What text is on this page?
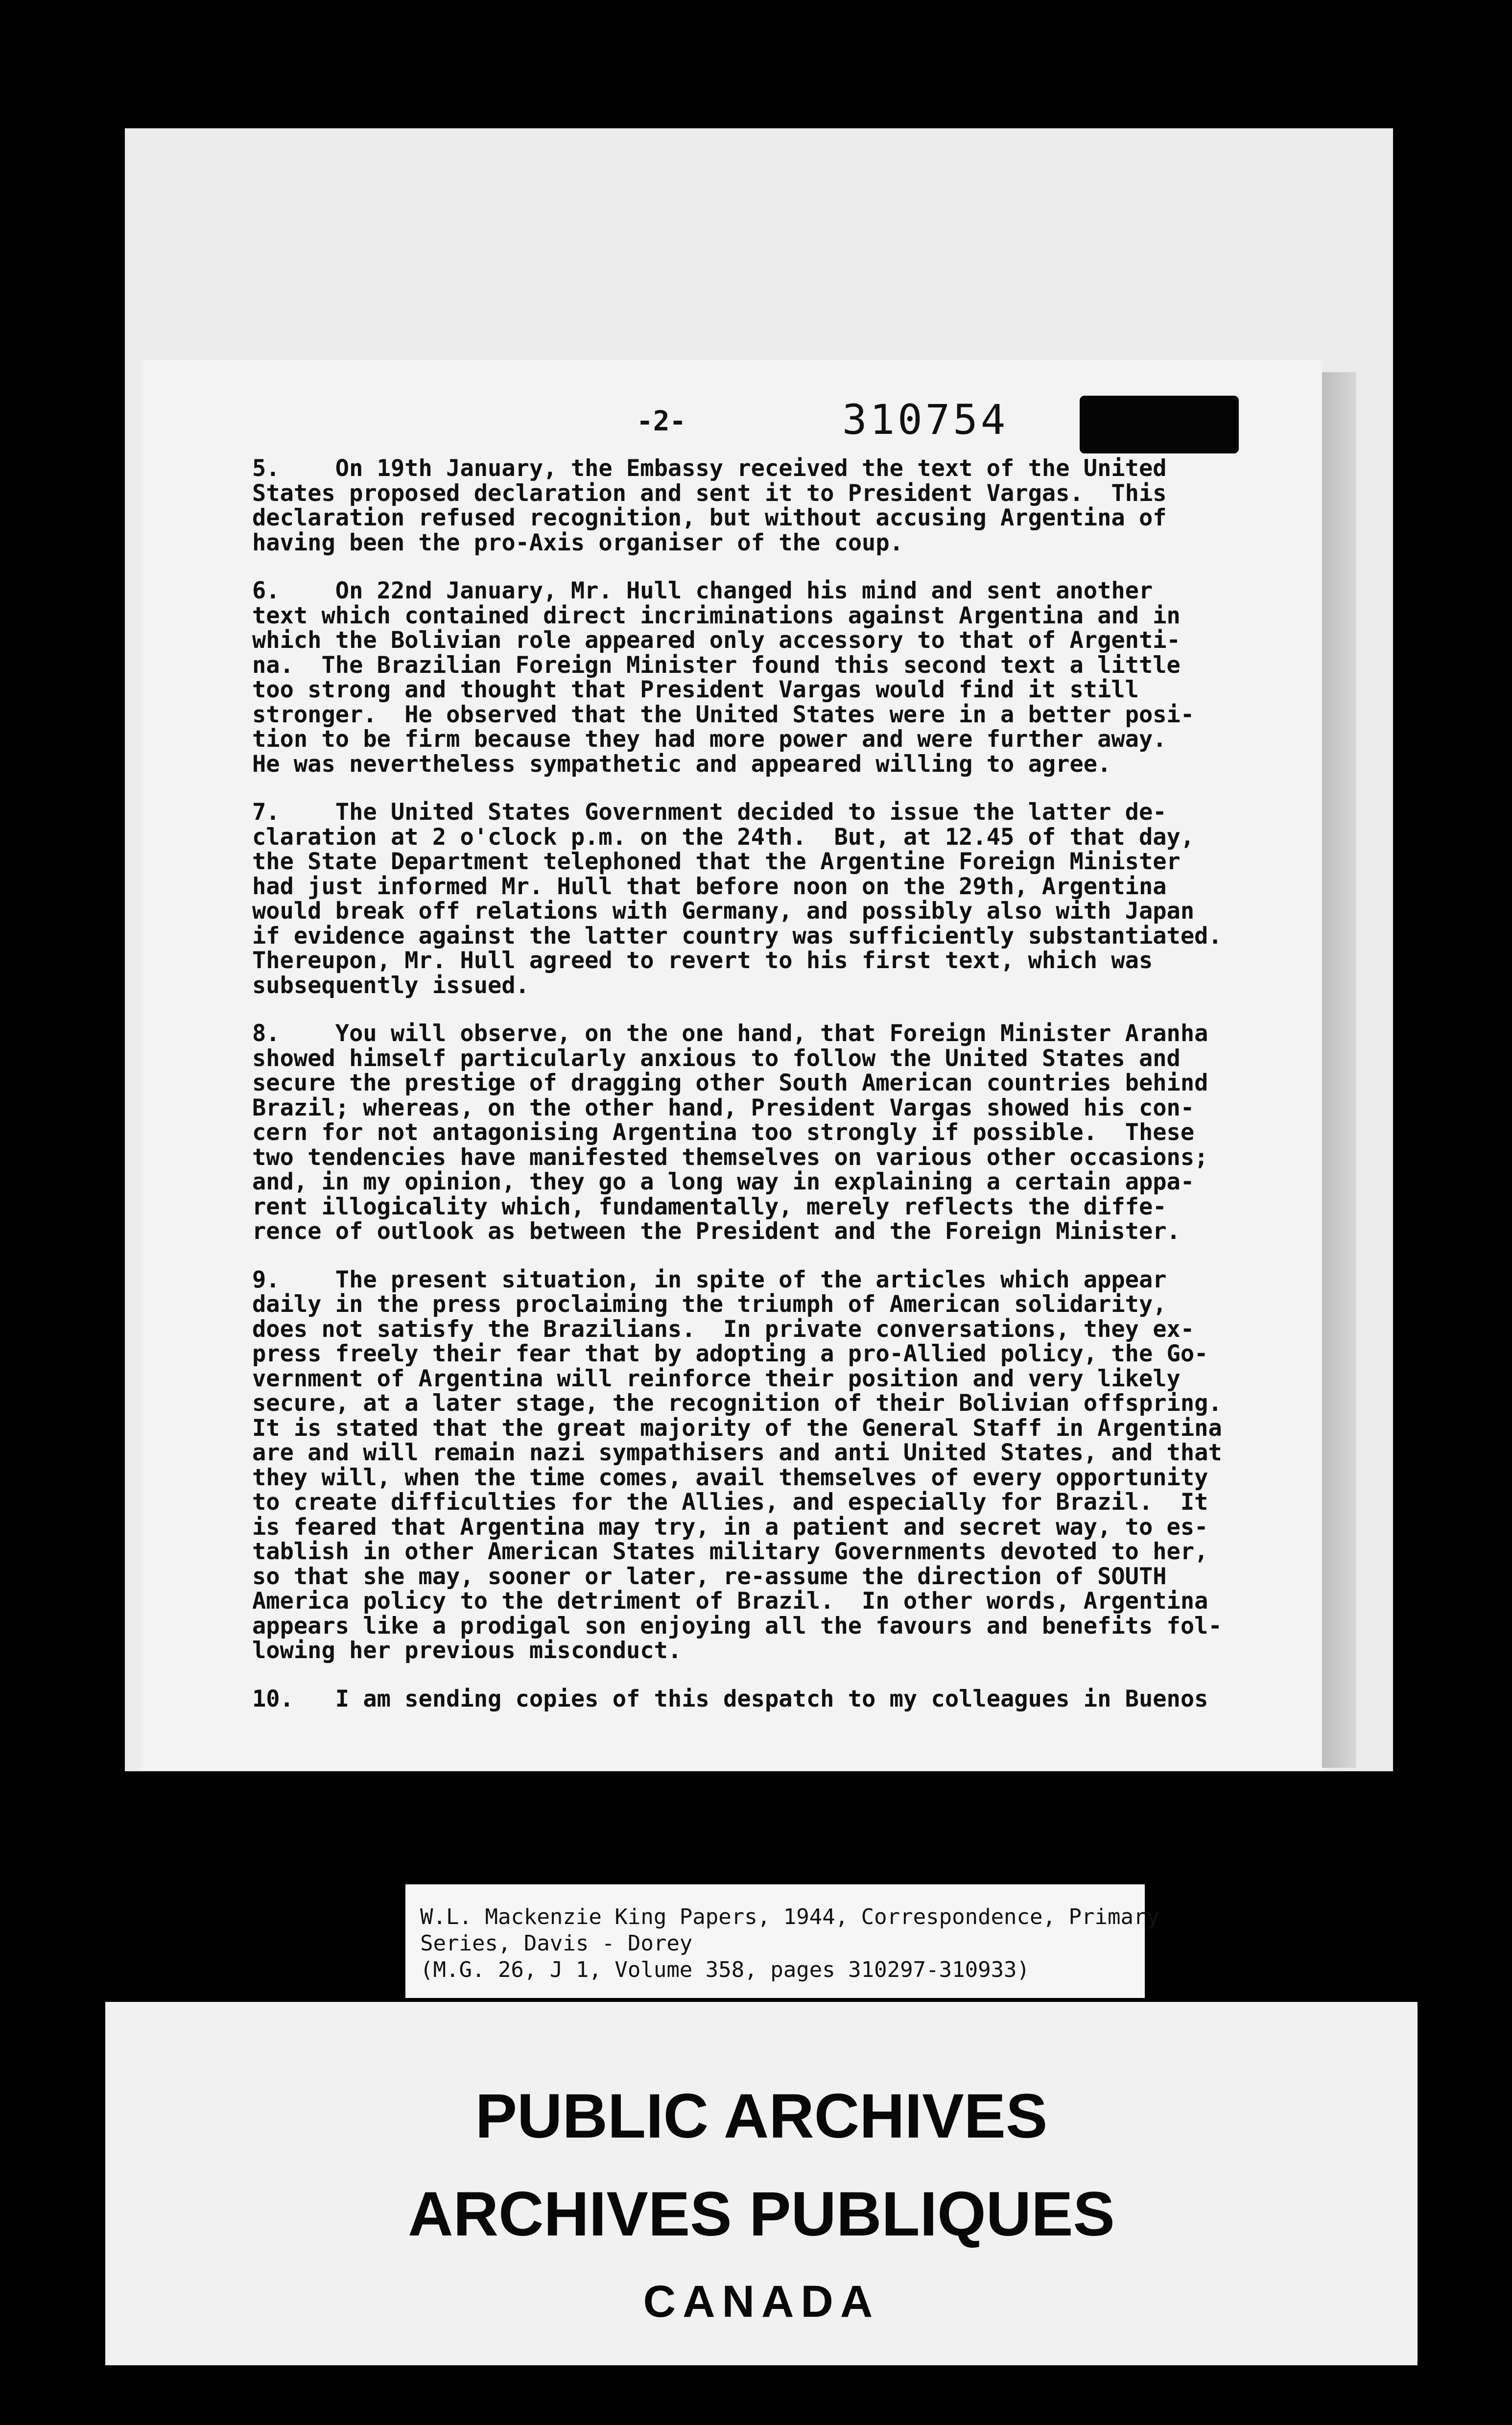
-2-	310754
5.    On 19th January, the Embassy received the text of the United
States proposed declaration and sent it to President Vargas.  This
declaration refused recognition, but without accusing Argentina of
having been the pro-Axis organiser of the coup.
6.    On 22nd January, Mr. Hull changed his mind and sent another
text which contained direct incriminations against Argentina and in
which the Bolivian role appeared only accessory to that of Argenti-
na.  The Brazilian Foreign Minister found this second text a little
too strong and thought that President Vargas would find it still
stronger.  He observed that the United States were in a better posi-
tion to be firm because they had more power and were further away.
He was nevertheless sympathetic and appeared willing to agree.
7.    The United States Government decided to issue the latter de-
claration at 2 o'clock p.m. on the 24th.  But, at 12.45 of that day,
the State Department telephoned that the Argentine Foreign Minister
had just informed Mr. Hull that before noon on the 29th, Argentina
would break off relations with Germany, and possibly also with Japan
if evidence against the latter country was sufficiently substantiated.
Thereupon, Mr. Hull agreed to revert to his first text, which was
subsequently issued.
8.    You will observe, on the one hand, that Foreign Minister Aranha
showed himself particularly anxious to follow the United States and
secure the prestige of dragging other South American countries behind
Brazil; whereas, on the other hand, President Vargas showed his con-
cern for not antagonising Argentina too strongly if possible.  These
two tendencies have manifested themselves on various other occasions;
and, in my opinion, they go a long way in explaining a certain appa-
rent illogicality which, fundamentally, merely reflects the diffe-
rence of outlook as between the President and the Foreign Minister.
9.    The present situation, in spite of the articles which appear
daily in the press proclaiming the triumph of American solidarity,
does not satisfy the Brazilians.  In private conversations, they ex-
press freely their fear that by adopting a pro-Allied policy, the Go-
vernment of Argentina will reinforce their position and very likely
secure, at a later stage, the recognition of their Bolivian offspring.
It is stated that the great majority of the General Staff in Argentina
are and will remain nazi sympathisers and anti United States, and that
they will, when the time comes, avail themselves of every opportunity
to create difficulties for the Allies, and especially for Brazil.  It
is feared that Argentina may try, in a patient and secret way, to es-
tablish in other American States military Governments devoted to her,
so that she may, sooner or later, re-assume the direction of SOUTH
America policy to the detriment of Brazil.  In other words, Argentina
appears like a prodigal son enjoying all the favours and benefits fol-
lowing her previous misconduct.
10.   I am sending copies of this despatch to my colleagues in Buenos
W.L. Mackenzie King Papers, 1944, Correspondence, Primary
Series, Davis - Dorey
(M.G. 26, J 1, Volume 358, pages 310297-310933)
PUBLIC ARCHIVES
ARCHIVES PUBLIQUES
CANADA
